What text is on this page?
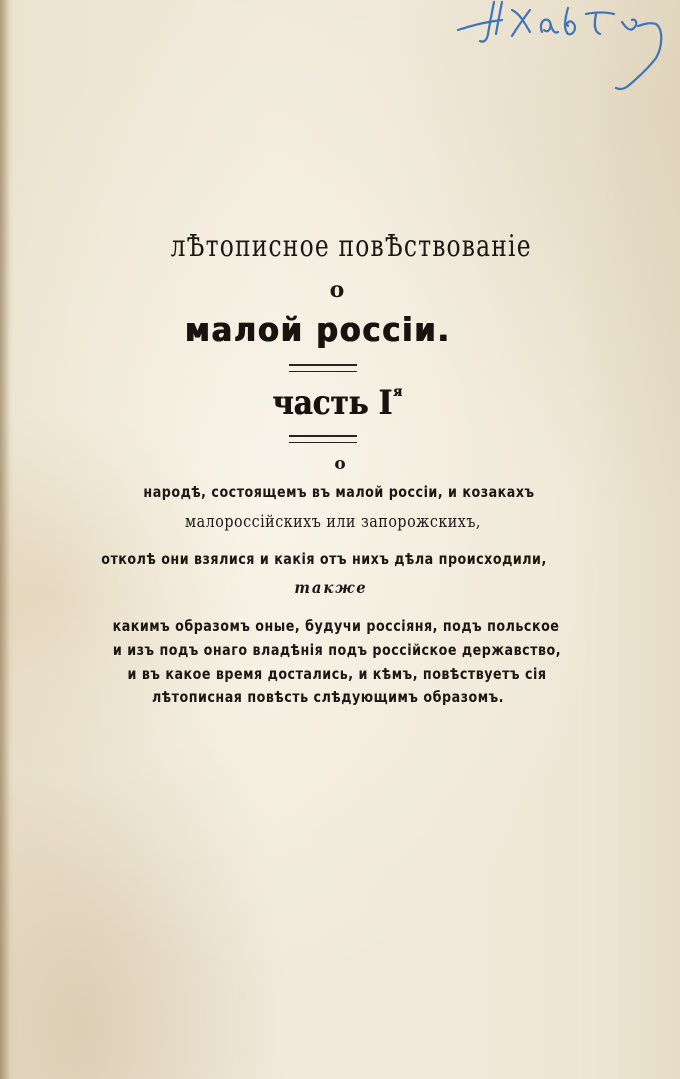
лѢтописное повѢствованіе
о
малой россіи.
часть $І^я$
о
народѣ, состоящемъ въ малой россіи, и козакахъ
малороссійскихъ или запорожскихъ,
отколѣ они взялися и какія отъ нихъ дѣла происходили,
также
какимъ образомъ оные, будучи россіяня, подъ польское
и изъ подъ онаго владѣнія подъ россійское державство,
и въ какое время достались, и кѣмъ, повѣствуетъ сія
лѣтописная повѣсть слѣдующимъ образомъ.
